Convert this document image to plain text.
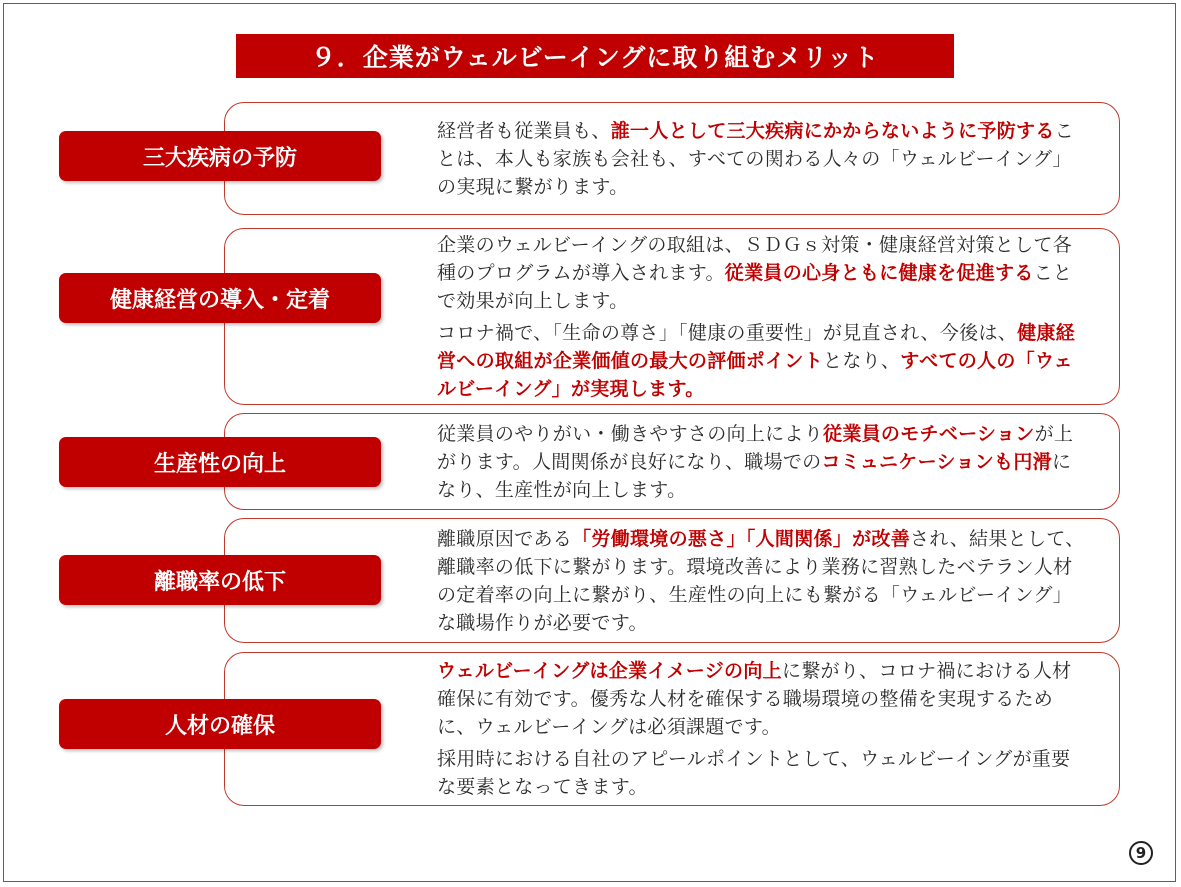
９．企業がウェルビーイングに取り組むメリット

経営者も従業員も、誰一人として三大疾病にかからないように予防することは、本人も家族も会社も、すべての関わる人々の「ウェルビーイング」の実現に繋がります。

三大疾病の予防

企業のウェルビーイングの取組は、ＳＤＧｓ対策・健康経営対策として各種のプログラムが導入されます。従業員の心身ともに健康を促進することで効果が向上します。

コロナ禍で、「生命の尊さ」「健康の重要性」が見直され、今後は、健康経営への取組が企業価値の最大の評価ポイントとなり、すべての人の「ウェルビーイング」が実現します。

健康経営の導入・定着

従業員のやりがい・働きやすさの向上により従業員のモチベーションが上がります。人間関係が良好になり、職場でのコミュニケーションも円滑になり、生産性が向上します。

生産性の向上

離職原因である「労働環境の悪さ」「人間関係」が改善され、結果として、離職率の低下に繋がります。環境改善により業務に習熟したベテラン人材の定着率の向上に繋がり、生産性の向上にも繋がる「ウェルビーイング」な職場作りが必要です。

離職率の低下

ウェルビーイングは企業イメージの向上に繋がり、コロナ禍における人材確保に有効です。優秀な人材を確保する職場環境の整備を実現するために、ウェルビーイングは必須課題です。

採用時における自社のアピールポイントとして、ウェルビーイングが重要な要素となってきます。

人材の確保
9
